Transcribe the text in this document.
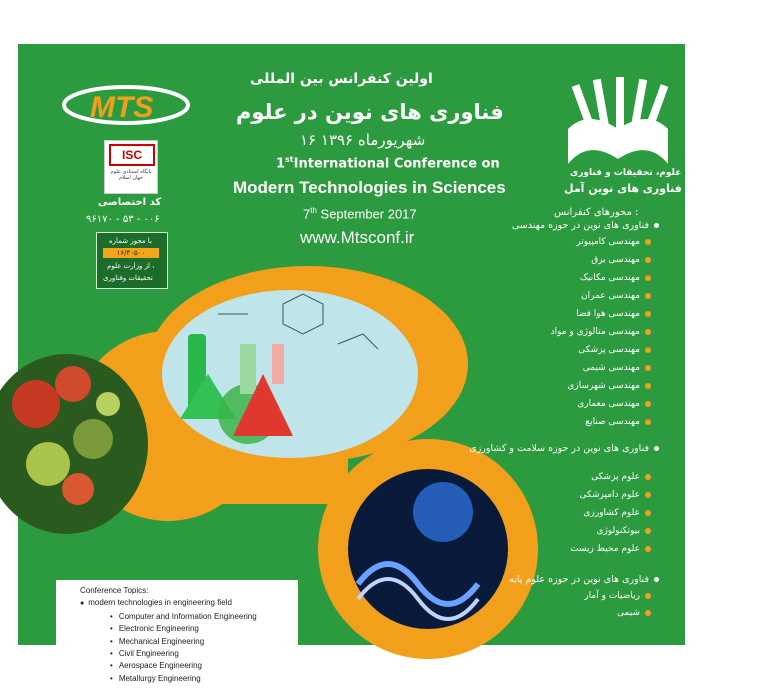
MTS
ISC
پایگاه استنادی علوم جهان اسلام
کد اختصاصی
۹۶۱۷۰ - ۵۳ - ۰۰۶
با مجوز شماره
۱۶/۴۰۵۰۰
از وزارت علوم ،
تحقیقات وفناوری
اولین کنفرانس بین المللی
فناوری های نوین در علوم
۱۶ شهریورماه ۱۳۹۶
1stInternational Conference on
Modern Technologies in Sciences
7th September 2017
www.Mtsconf.ir
وزارت علوم، تحقیقات و فناوری
دانشگاه تخصصی فناوری های نوین آمل
محورهای کنفرانس :
فناوری های نوین در حوزه مهندسی
مهندسی کامپیوتر
مهندسی برق
مهندسی مکانیک
مهندسی عمران
مهندسی هوا فضا
مهندسی متالوژی و مواد
مهندسی پزشکی
مهندسی شیمی
مهندسی شهرسازی
مهندسی معماری
مهندسی صنایع
فناوری های نوین در حوزه سلامت و کشاورزی
علوم پزشکی
علوم دامپزشکی
علوم کشاورزی
بیوتکنولوژی
علوم محیط زیست
فناوری های نوین در حوزه علوم پایه
ریاضیات و آمار
شیمی
Conference Topics:
● modern technologies in engineering field
• Computer and Information Engineering
• Electronic Engineering
• Mechanical Engineering
• Civil Engineering
• Aerospace Engineering
• Metallurgy Engineering
